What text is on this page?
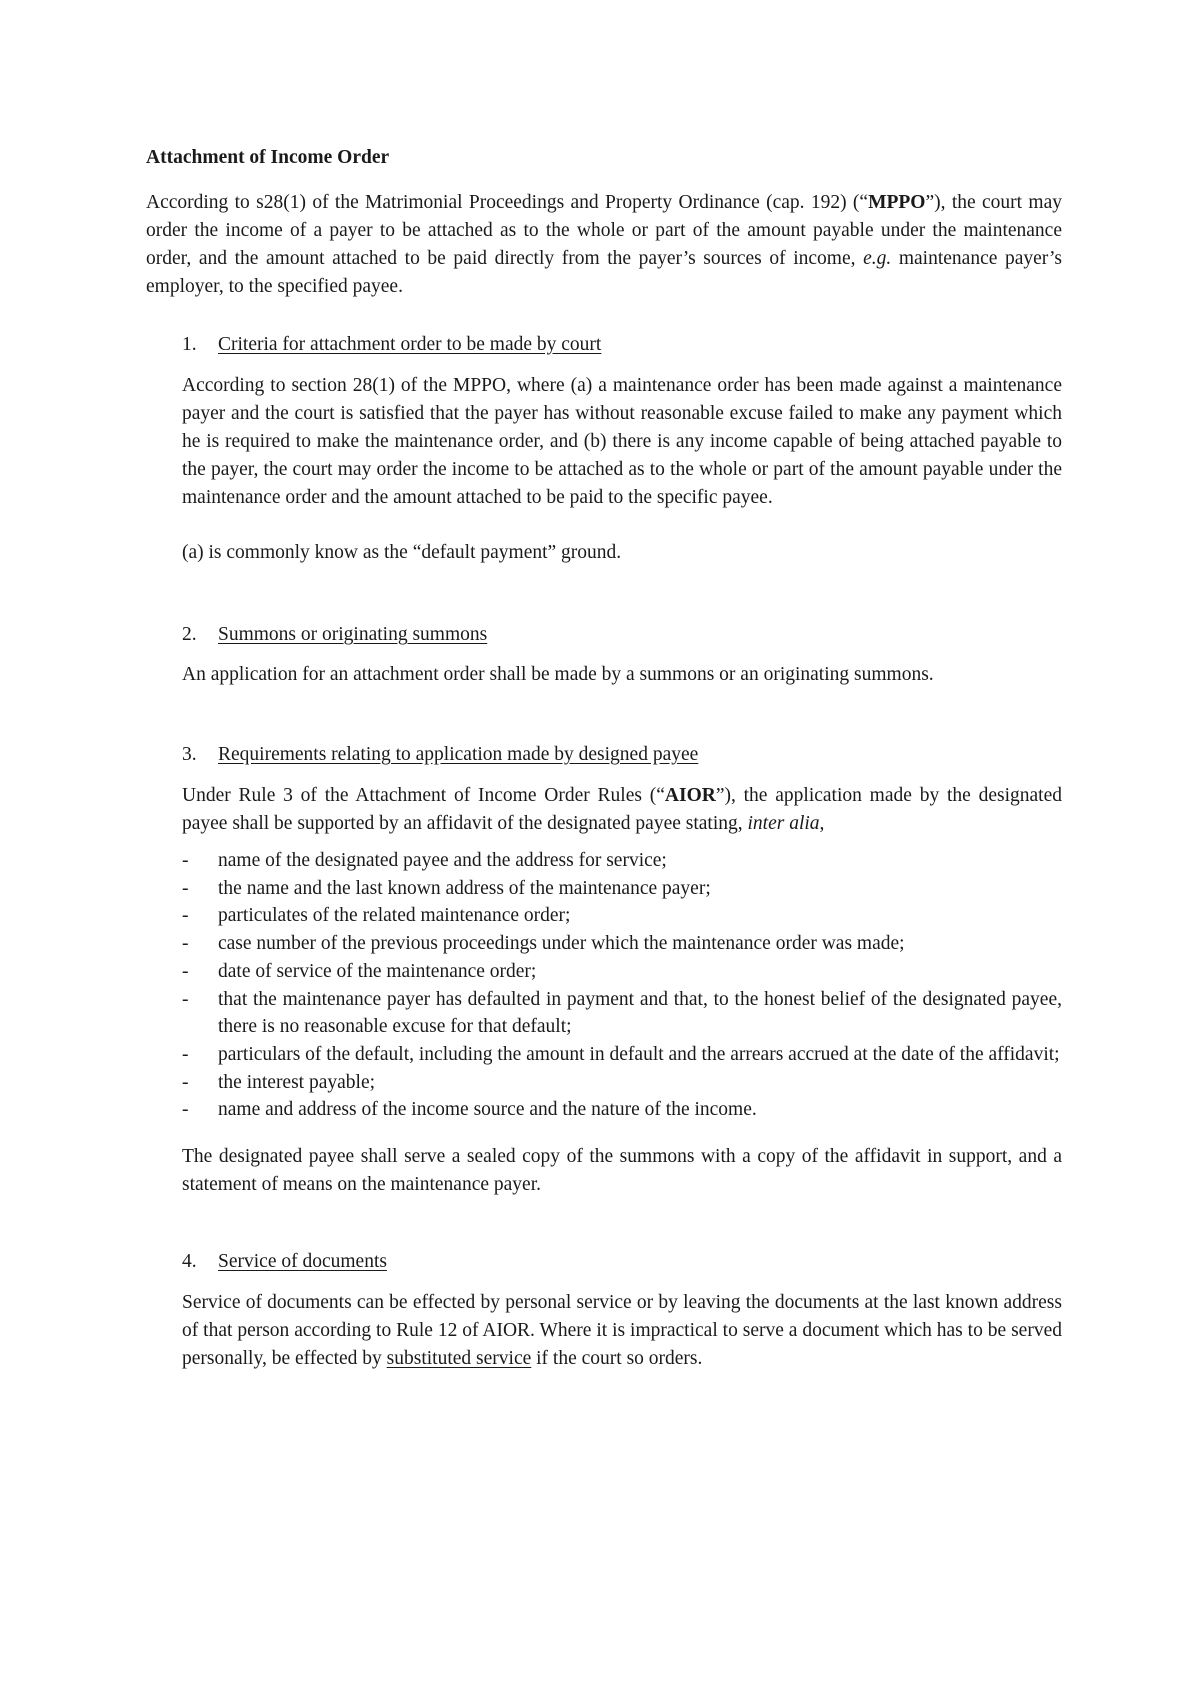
Attachment of Income Order
According to s28(1) of the Matrimonial Proceedings and Property Ordinance (cap. 192) (“MPPO”), the court may order the income of a payer to be attached as to the whole or part of the amount payable under the maintenance order, and the amount attached to be paid directly from the payer’s sources of income, e.g. maintenance payer’s employer, to the specified payee.
1. Criteria for attachment order to be made by court
According to section 28(1) of the MPPO, where (a) a maintenance order has been made against a maintenance payer and the court is satisfied that the payer has without reasonable excuse failed to make any payment which he is required to make the maintenance order, and (b) there is any income capable of being attached payable to the payer, the court may order the income to be attached as to the whole or part of the amount payable under the maintenance order and the amount attached to be paid to the specific payee.
(a) is commonly know as the “default payment” ground.
2. Summons or originating summons
An application for an attachment order shall be made by a summons or an originating summons.
3. Requirements relating to application made by designed payee
Under Rule 3 of the Attachment of Income Order Rules (“AIOR”), the application made by the designated payee shall be supported by an affidavit of the designated payee stating, inter alia,
- name of the designated payee and the address for service;
- the name and the last known address of the maintenance payer;
- particulates of the related maintenance order;
- case number of the previous proceedings under which the maintenance order was made;
- date of service of the maintenance order;
- that the maintenance payer has defaulted in payment and that, to the honest belief of the designated payee, there is no reasonable excuse for that default;
- particulars of the default, including the amount in default and the arrears accrued at the date of the affidavit;
- the interest payable;
- name and address of the income source and the nature of the income.
The designated payee shall serve a sealed copy of the summons with a copy of the affidavit in support, and a statement of means on the maintenance payer.
4. Service of documents
Service of documents can be effected by personal service or by leaving the documents at the last known address of that person according to Rule 12 of AIOR. Where it is impractical to serve a document which has to be served personally, be effected by substituted service if the court so orders.
